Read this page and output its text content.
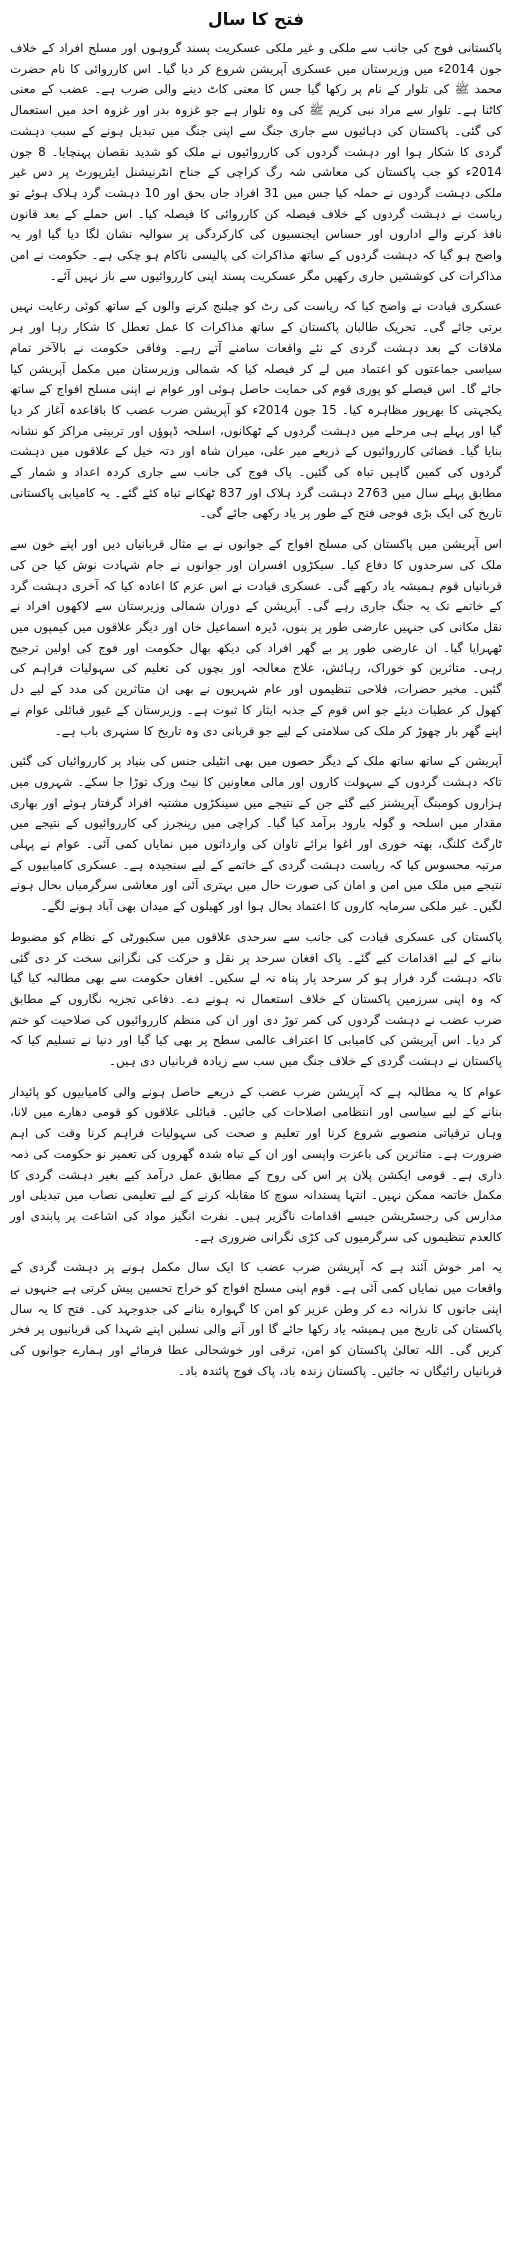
فتح کا سال

پاکستانی فوج کی جانب سے ملکی و غیر ملکی عسکریت پسند گروہوں اور مسلح افراد کے خلاف جون 2014ء میں وزیرستان میں عسکری آپریشن شروع کر دیا گیا۔ اس کارروائی کا نام حضرت محمد ﷺ کی تلوار کے نام پر رکھا گیا جس کا معنی کاٹ دینے والی ضرب ہے۔ عضب کے معنی کاٹنا ہے۔ تلوار سے مراد نبی کریم ﷺ کی وہ تلوار ہے جو غزوہ بدر اور غزوہ احد میں استعمال کی گئی۔ پاکستان کی دہائیوں سے جاری جنگ سے اپنی جنگ میں تبدیل ہونے کے سبب دہشت گردی کا شکار ہوا اور دہشت گردوں کی کارروائیوں نے ملک کو شدید نقصان پہنچایا۔ 8 جون 2014ء کو جب پاکستان کی معاشی شہ رگ کراچی کے جناح انٹرنیشنل ایئرپورٹ پر دس غیر ملکی دہشت گردوں نے حملہ کیا جس میں 31 افراد جاں بحق اور 10 دہشت گرد ہلاک ہوئے تو ریاست نے دہشت گردوں کے خلاف فیصلہ کن کارروائی کا فیصلہ کیا۔ اس حملے کے بعد قانون نافذ کرنے والے اداروں اور حساس ایجنسیوں کی کارکردگی پر سوالیہ نشان لگا دیا گیا اور یہ واضح ہو گیا کہ دہشت گردوں کے ساتھ مذاکرات کی پالیسی ناکام ہو چکی ہے۔ حکومت نے امن مذاکرات کی کوششیں جاری رکھیں مگر عسکریت پسند اپنی کارروائیوں سے باز نہیں آئے۔

عسکری قیادت نے واضح کیا کہ ریاست کی رٹ کو چیلنج کرنے والوں کے ساتھ کوئی رعایت نہیں برتی جائے گی۔ تحریک طالبان پاکستان کے ساتھ مذاکرات کا عمل تعطل کا شکار رہا اور ہر ملاقات کے بعد دہشت گردی کے نئے واقعات سامنے آتے رہے۔ وفاقی حکومت نے بالآخر تمام سیاسی جماعتوں کو اعتماد میں لے کر فیصلہ کیا کہ شمالی وزیرستان میں مکمل آپریشن کیا جائے گا۔ اس فیصلے کو پوری قوم کی حمایت حاصل ہوئی اور عوام نے اپنی مسلح افواج کے ساتھ یکجہتی کا بھرپور مظاہرہ کیا۔ 15 جون 2014ء کو آپریشن ضرب عضب کا باقاعدہ آغاز کر دیا گیا اور پہلے ہی مرحلے میں دہشت گردوں کے ٹھکانوں، اسلحہ ڈپوؤں اور تربیتی مراکز کو نشانہ بنایا گیا۔ فضائی کارروائیوں کے ذریعے میر علی، میران شاہ اور دتہ خیل کے علاقوں میں دہشت گردوں کی کمین گاہیں تباہ کی گئیں۔ پاک فوج کی جانب سے جاری کردہ اعداد و شمار کے مطابق پہلے سال میں 2763 دہشت گرد ہلاک اور 837 ٹھکانے تباہ کئے گئے۔ یہ کامیابی پاکستانی تاریخ کی ایک بڑی فوجی فتح کے طور پر یاد رکھی جائے گی۔

اس آپریشن میں پاکستان کی مسلح افواج کے جوانوں نے بے مثال قربانیاں دیں اور اپنے خون سے ملک کی سرحدوں کا دفاع کیا۔ سیکڑوں افسران اور جوانوں نے جام شہادت نوش کیا جن کی قربانیاں قوم ہمیشہ یاد رکھے گی۔ عسکری قیادت نے اس عزم کا اعادہ کیا کہ آخری دہشت گرد کے خاتمے تک یہ جنگ جاری رہے گی۔ آپریشن کے دوران شمالی وزیرستان سے لاکھوں افراد نے نقل مکانی کی جنہیں عارضی طور پر بنوں، ڈیرہ اسماعیل خان اور دیگر علاقوں میں کیمپوں میں ٹھہرایا گیا۔ ان عارضی طور پر بے گھر افراد کی دیکھ بھال حکومت اور فوج کی اولین ترجیح رہی۔ متاثرین کو خوراک، رہائش، علاج معالجہ اور بچوں کی تعلیم کی سہولیات فراہم کی گئیں۔ مخیر حضرات، فلاحی تنظیموں اور عام شہریوں نے بھی ان متاثرین کی مدد کے لیے دل کھول کر عطیات دیئے جو اس قوم کے جذبہ ایثار کا ثبوت ہے۔ وزیرستان کے غیور قبائلی عوام نے اپنے گھر بار چھوڑ کر ملک کی سلامتی کے لیے جو قربانی دی وہ تاریخ کا سنہری باب ہے۔

آپریشن کے ساتھ ساتھ ملک کے دیگر حصوں میں بھی انٹیلی جنس کی بنیاد پر کارروائیاں کی گئیں تاکہ دہشت گردوں کے سہولت کاروں اور مالی معاونین کا نیٹ ورک توڑا جا سکے۔ شہروں میں ہزاروں کومبنگ آپریشنز کیے گئے جن کے نتیجے میں سینکڑوں مشتبہ افراد گرفتار ہوئے اور بھاری مقدار میں اسلحہ و گولہ بارود برآمد کیا گیا۔ کراچی میں رینجرز کی کارروائیوں کے نتیجے میں ٹارگٹ کلنگ، بھتہ خوری اور اغوا برائے تاوان کی وارداتوں میں نمایاں کمی آئی۔ عوام نے پہلی مرتبہ محسوس کیا کہ ریاست دہشت گردی کے خاتمے کے لیے سنجیدہ ہے۔ عسکری کامیابیوں کے نتیجے میں ملک میں امن و امان کی صورت حال میں بہتری آئی اور معاشی سرگرمیاں بحال ہونے لگیں۔ غیر ملکی سرمایہ کاروں کا اعتماد بحال ہوا اور کھیلوں کے میدان بھی آباد ہونے لگے۔

پاکستان کی عسکری قیادت کی جانب سے سرحدی علاقوں میں سکیورٹی کے نظام کو مضبوط بنانے کے لیے اقدامات کیے گئے۔ پاک افغان سرحد پر نقل و حرکت کی نگرانی سخت کر دی گئی تاکہ دہشت گرد فرار ہو کر سرحد پار پناہ نہ لے سکیں۔ افغان حکومت سے بھی مطالبہ کیا گیا کہ وہ اپنی سرزمین پاکستان کے خلاف استعمال نہ ہونے دے۔ دفاعی تجزیہ نگاروں کے مطابق ضرب عضب نے دہشت گردوں کی کمر توڑ دی اور ان کی منظم کارروائیوں کی صلاحیت کو ختم کر دیا۔ اس آپریشن کی کامیابی کا اعتراف عالمی سطح پر بھی کیا گیا اور دنیا نے تسلیم کیا کہ پاکستان نے دہشت گردی کے خلاف جنگ میں سب سے زیادہ قربانیاں دی ہیں۔

عوام کا یہ مطالبہ ہے کہ آپریشن ضرب عضب کے ذریعے حاصل ہونے والی کامیابیوں کو پائیدار بنانے کے لیے سیاسی اور انتظامی اصلاحات کی جائیں۔ قبائلی علاقوں کو قومی دھارے میں لانا، وہاں ترقیاتی منصوبے شروع کرنا اور تعلیم و صحت کی سہولیات فراہم کرنا وقت کی اہم ضرورت ہے۔ متاثرین کی باعزت واپسی اور ان کے تباہ شدہ گھروں کی تعمیر نو حکومت کی ذمہ داری ہے۔ قومی ایکشن پلان پر اس کی روح کے مطابق عمل درآمد کیے بغیر دہشت گردی کا مکمل خاتمہ ممکن نہیں۔ انتہا پسندانہ سوچ کا مقابلہ کرنے کے لیے تعلیمی نصاب میں تبدیلی اور مدارس کی رجسٹریشن جیسے اقدامات ناگزیر ہیں۔ نفرت انگیز مواد کی اشاعت پر پابندی اور کالعدم تنظیموں کی سرگرمیوں کی کڑی نگرانی ضروری ہے۔

یہ امر خوش آئند ہے کہ آپریشن ضرب عضب کا ایک سال مکمل ہونے پر دہشت گردی کے واقعات میں نمایاں کمی آئی ہے۔ قوم اپنی مسلح افواج کو خراج تحسین پیش کرتی ہے جنہوں نے اپنی جانوں کا نذرانہ دے کر وطن عزیز کو امن کا گہوارہ بنانے کی جدوجہد کی۔ فتح کا یہ سال پاکستان کی تاریخ میں ہمیشہ یاد رکھا جائے گا اور آنے والی نسلیں اپنے شہدا کی قربانیوں پر فخر کریں گی۔ اللہ تعالیٰ پاکستان کو امن، ترقی اور خوشحالی عطا فرمائے اور ہمارے جوانوں کی قربانیاں رائیگاں نہ جائیں۔ پاکستان زندہ باد، پاک فوج پائندہ باد۔
